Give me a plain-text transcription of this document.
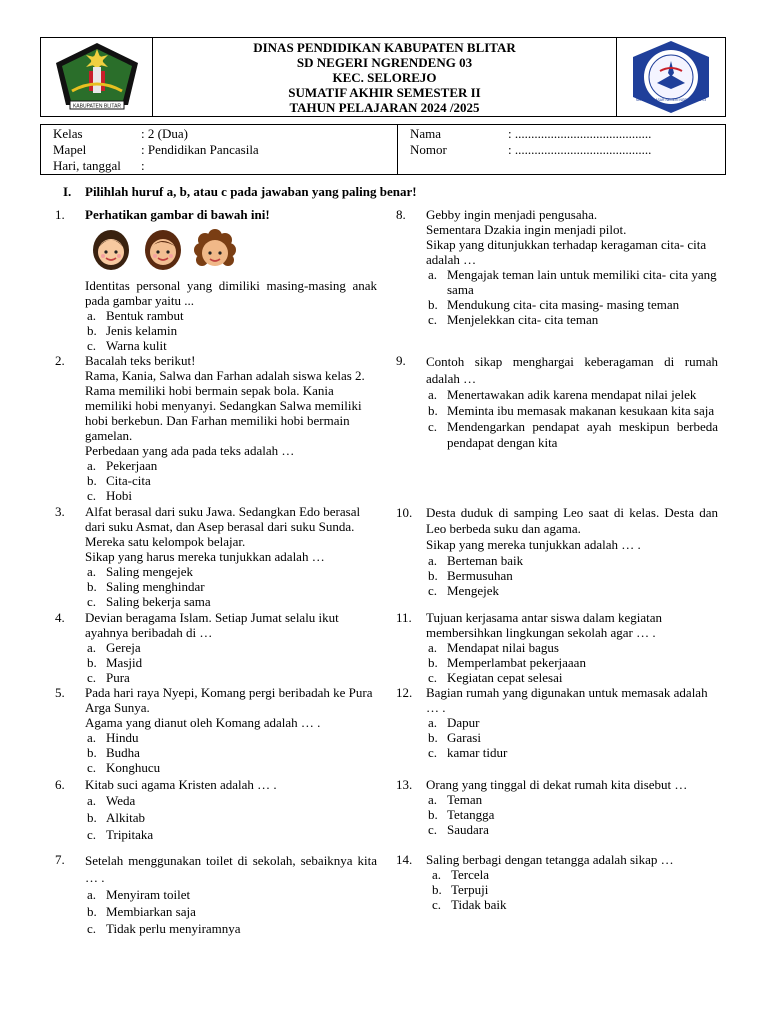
KABUPATEN BLITAR
DINAS PENDIDIKAN KABUPATEN BLITAR
SD NEGERI NGRENDENG 03
KEC. SELOREJO
SUMATIF AKHIR SEMESTER II
TAHUN PELAJARAN 2024 /2025	SEKOLAH DASAR NEGERI NGRENDENG 03
Kelas	: 2 (Dua)
Mapel	: Pendidikan Pancasila
Hari, tanggal	:
Nama	: ..........................................
Nomor	: ..........................................
I. Pilihlah huruf a, b, atau c pada jawaban yang paling benar!
1.	Perhatikan gambar di bawah ini!

Identitas personal yang dimiliki masing-masing anak pada gambar yaitu ...

a. Bentuk rambut
b. Jenis kelamin
c. Warna kulit
2.	Bacalah teks berikut!

Rama, Kania, Salwa dan Farhan adalah siswa kelas 2. Rama memiliki hobi bermain sepak bola. Kania memiliki hobi menyanyi. Sedangkan Salwa memiliki hobi berkebun. Dan Farhan memiliki hobi bermain gamelan.

Perbedaan yang ada pada teks adalah …

a. Pekerjaan
b. Cita-cita
c. Hobi
3.	Alfat berasal dari suku Jawa. Sedangkan Edo berasal dari suku Asmat, dan Asep berasal dari suku Sunda. Mereka satu kelompok belajar.

Sikap yang harus mereka tunjukkan adalah …

a. Saling mengejek
b. Saling menghindar
c. Saling bekerja sama
4.	Devian beragama Islam. Setiap Jumat selalu ikut ayahnya beribadah di …

a. Gereja
b. Masjid
c. Pura
5.	Pada hari raya Nyepi, Komang pergi beribadah ke Pura Arga Sunya.

Agama yang dianut oleh Komang adalah … .

a. Hindu
b. Budha
c. Konghucu
6.	Kitab suci agama Kristen adalah … .

a. Weda
b. Alkitab
c. Tripitaka
7.	Setelah menggunakan toilet di sekolah, sebaiknya kita … .

a. Menyiram toilet
b. Membiarkan saja
c. Tidak perlu menyiramnya
8.	Gebby ingin menjadi pengusaha.

Sementara Dzakia ingin menjadi pilot.

Sikap yang ditunjukkan terhadap keragaman cita- cita adalah …

a. Mengajak teman lain untuk memiliki cita- cita yang sama
b. Mendukung cita- cita masing- masing teman
c. Menjelekkan cita- cita teman
9.	Contoh sikap menghargai keberagaman di rumah adalah …

a. Menertawakan adik karena mendapat nilai jelek
b. Meminta ibu memasak makanan kesukaan kita saja
c. Mendengarkan pendapat ayah meskipun berbeda pendapat dengan kita
10.	Desta duduk di samping Leo saat di kelas. Desta dan Leo berbeda suku dan agama.

Sikap yang mereka tunjukkan adalah … .

a. Berteman baik
b. Bermusuhan
c. Mengejek
11.	Tujuan kerjasama antar siswa dalam kegiatan membersihkan lingkungan sekolah agar … .

a. Mendapat nilai bagus
b. Memperlambat pekerjaaan
c. Kegiatan cepat selesai
12.	Bagian rumah yang digunakan untuk memasak adalah … .

a. Dapur
b. Garasi
c. kamar tidur
13.	Orang yang tinggal di dekat rumah kita disebut …

a. Teman
b. Tetangga
c. Saudara
14.	Saling berbagi dengan tetangga adalah sikap …

a. Tercela
b. Terpuji
c. Tidak baik
